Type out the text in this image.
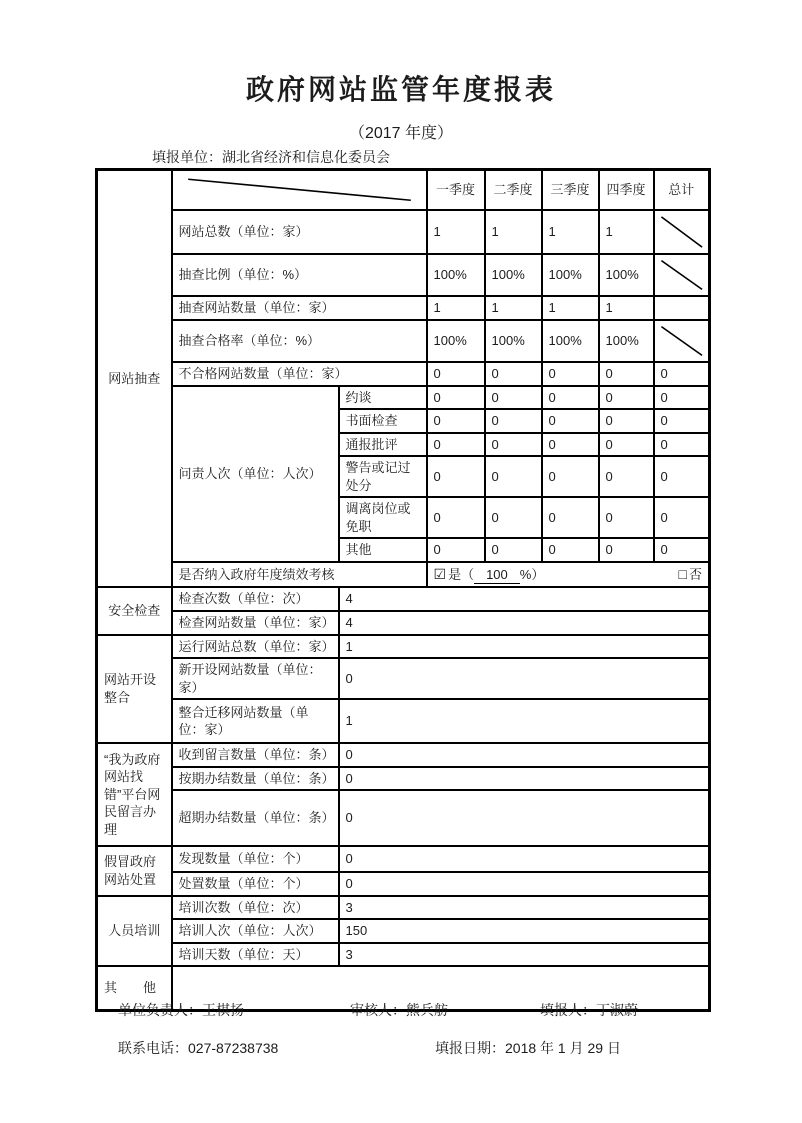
政府网站监管年度报表
（2017 年度）
填报单位：湖北省经济和信息化委员会
网站抽查			一季度	二季度	三季度	四季度	总计
	网站总数（单位：家）		1	1	1	1	

	抽查比例（单位：%）		100%	100%	100%	100%	

	抽查网站数量（单位：家）		1	1	1	1	
	抽查合格率（单位：%）		100%	100%	100%	100%	

	不合格网站数量（单位：家）		0	0	0	0	0
	问责人次（单位：人次）	约谈	0	0	0	0	0
		书面检查	0	0	0	0	0
		通报批评	0	0	0	0	0
		警告或记过处分	0	0	0	0	0
		调离岗位或免职	0	0	0	0	0
		其他	0	0	0	0	0
	是否纳入政府年度绩效考核		☑ 是（ 100 %） □ 否				

安全检查	检查次数（单位：次）	4					
	检查网站数量（单位：家）	4					
网站开设整合	运行网站总数（单位：家）	1					
	新开设网站数量（单位：家）	0					
	整合迁移网站数量（单位：家）	1					
“我为政府网站找错”平台网民留言办理	收到留言数量（单位：条）	0					
	按期办结数量（单位：条）	0					
	超期办结数量（单位：条）	0					
假冒政府网站处置	发现数量（单位：个）	0					
	处置数量（单位：个）	0					
人员培训	培训次数（单位：次）	3					
	培训人次（单位：人次）	150					
	培训天数（单位：天）	3					
其　　他							
单位负责人：王棋扬	审核人：熊兵舫	填报人：丁淑蔚
联系电话：027-87238738	填报日期：2018 年 1 月 29 日
